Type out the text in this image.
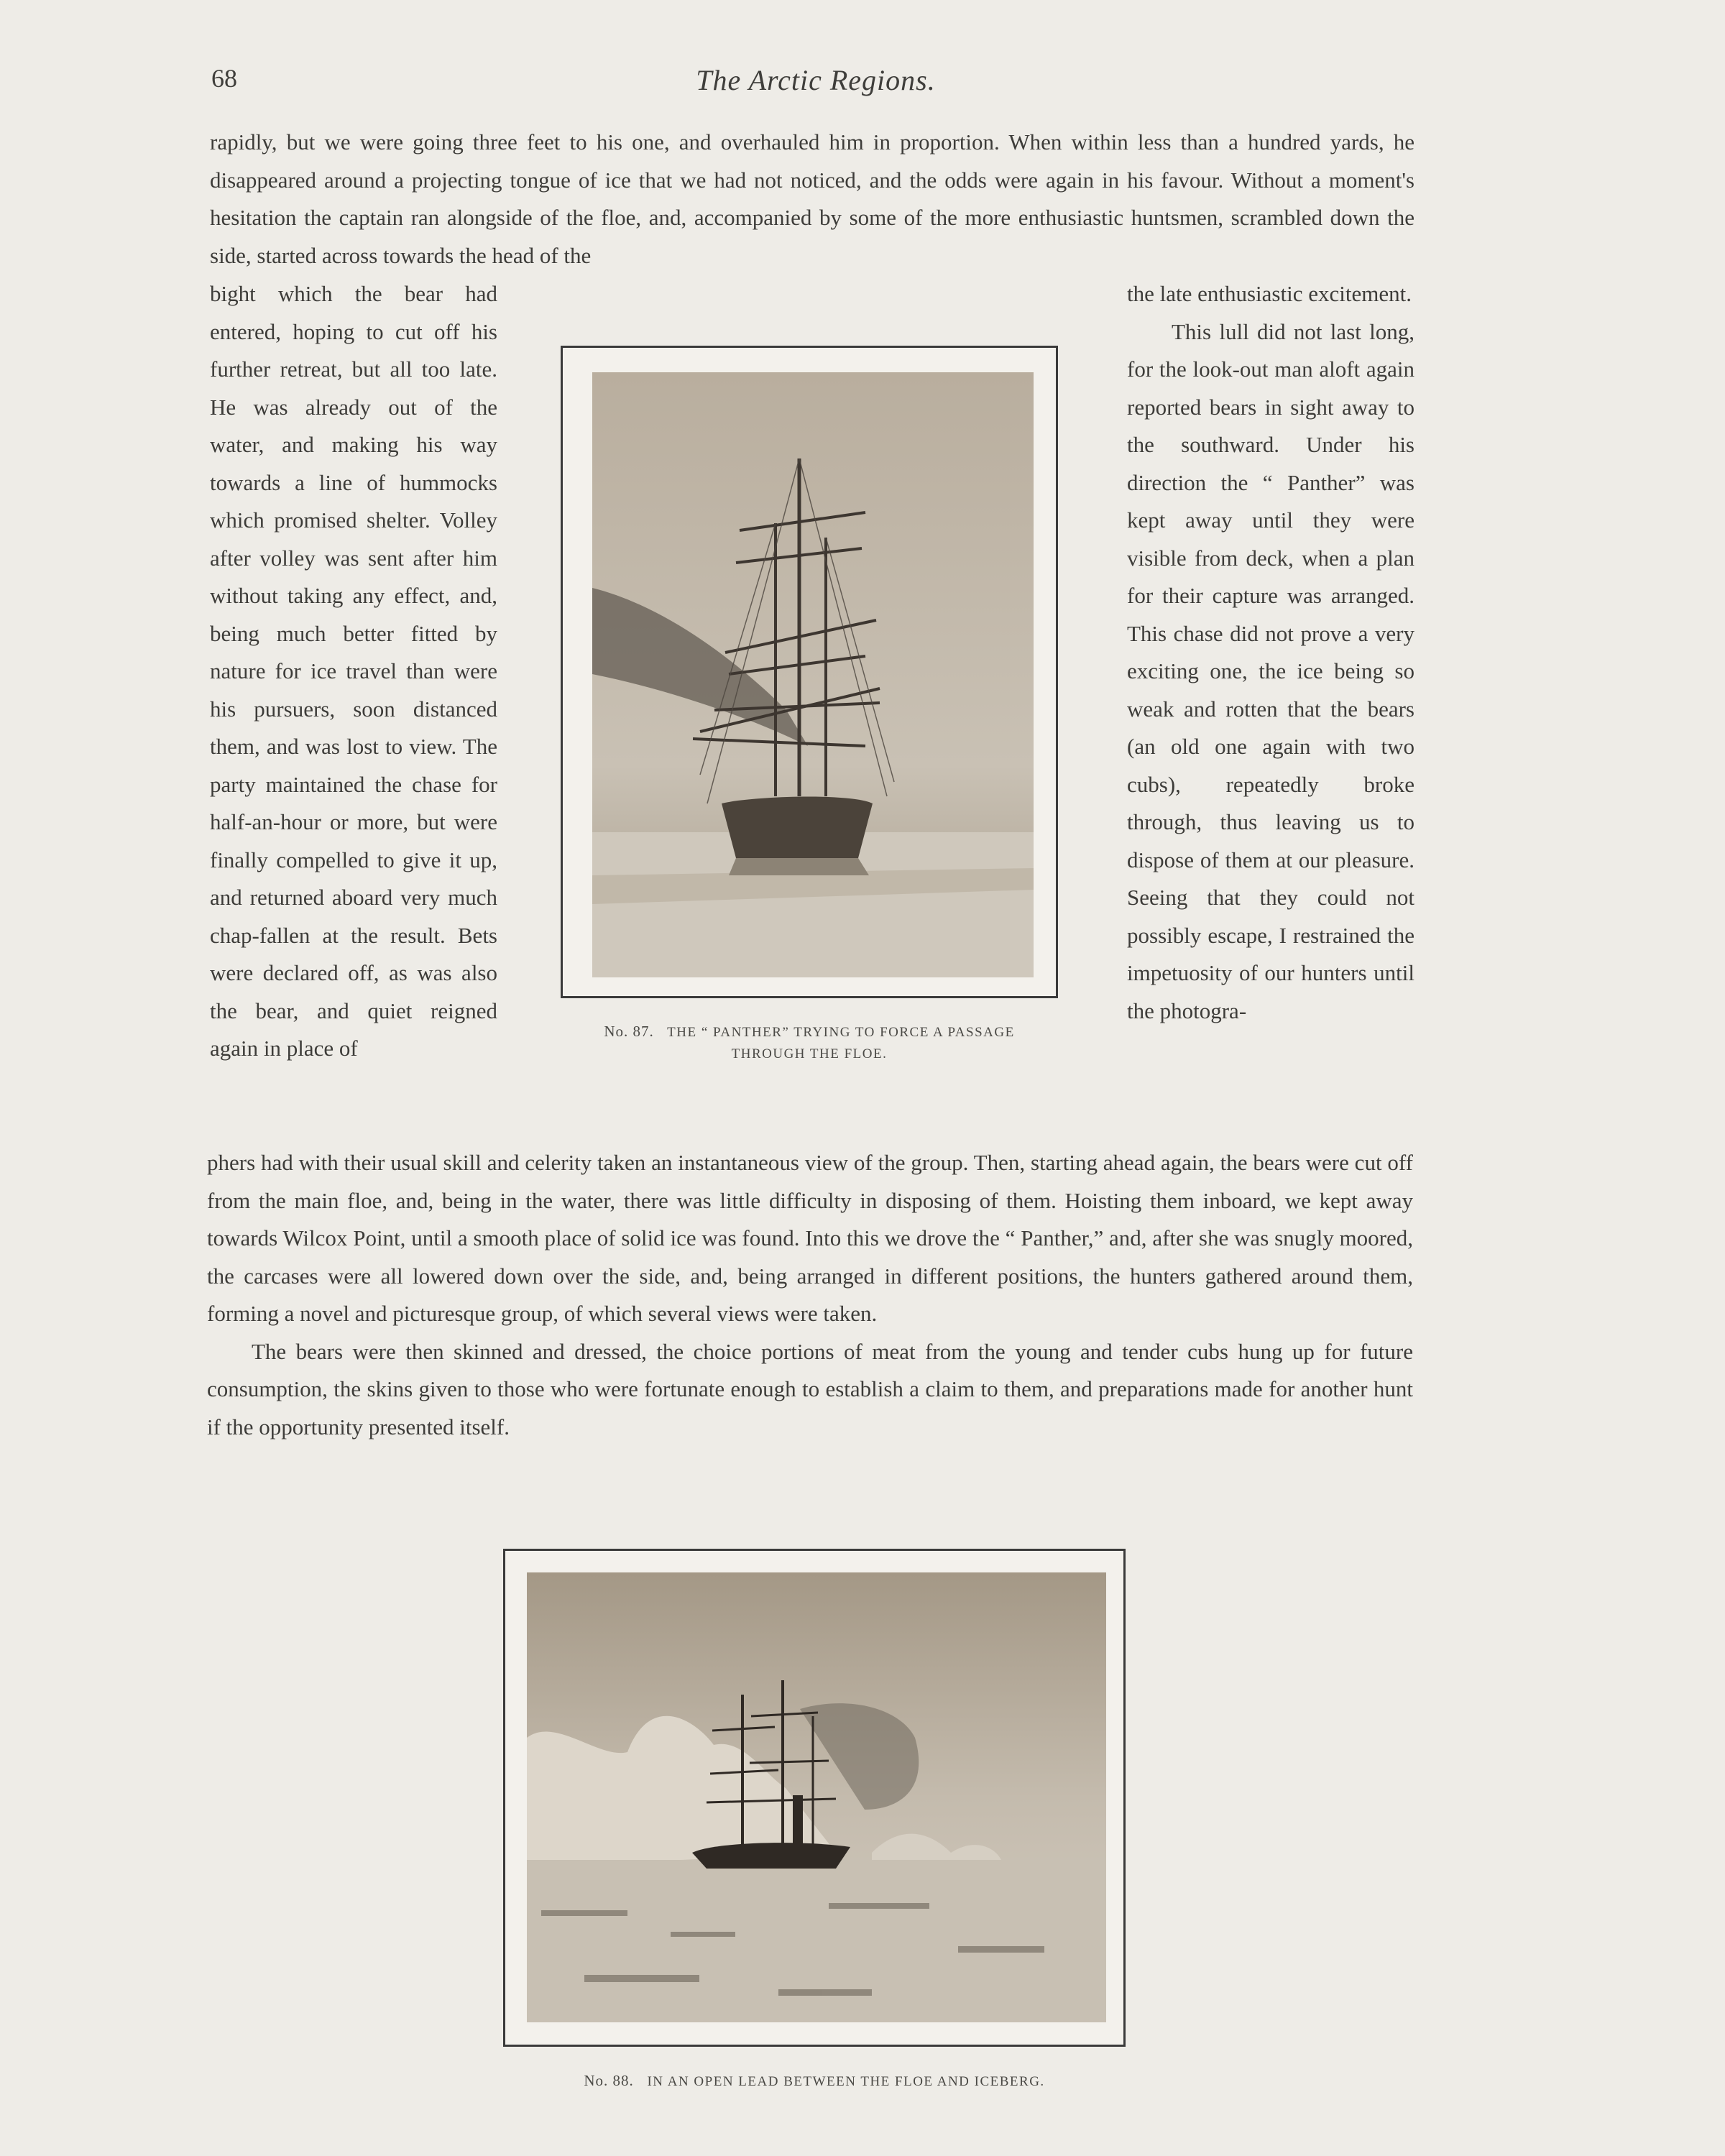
68	The Arctic Regions.

rapidly, but we were going three feet to his one, and overhauled him in proportion. When within less than a hundred yards, he disappeared around a projecting tongue of ice that we had not noticed, and the odds were again in his favour. Without a moment's hesitation the captain ran alongside of the floe, and, accompanied by some of the more enthusiastic huntsmen, scrambled down the side, started across towards the head of the

bight which the bear had entered, hoping to cut off his further retreat, but all too late. He was already out of the water, and making his way towards a line of hummocks which promised shelter. Volley after volley was sent after him without taking any effect, and, being much better fitted by nature for ice travel than were his pursuers, soon distanced them, and was lost to view. The party maintained the chase for half-an-hour or more, but were finally compelled to give it up, and returned aboard very much chap-fallen at the result. Bets were declared off, as was also the bear, and quiet reigned again in place of

the late enthusiastic excitement.

This lull did not last long, for the look-out man aloft again reported bears in sight away to the southward. Under his direction the “ Panther” was kept away until they were visible from deck, when a plan for their capture was arranged. This chase did not prove a very exciting one, the ice being so weak and rotten that the bears (an old one again with two cubs), repeatedly broke through, thus leaving us to dispose of them at our pleasure. Seeing that they could not possibly escape, I restrained the impetuosity of our hunters until the photogra-

No. 87. THE “ PANTHER” TRYING TO FORCE A PASSAGE
THROUGH THE FLOE.

phers had with their usual skill and celerity taken an instantaneous view of the group. Then, starting ahead again, the bears were cut off from the main floe, and, being in the water, there was little difficulty in disposing of them. Hoisting them inboard, we kept away towards Wilcox Point, until a smooth place of solid ice was found. Into this we drove the “ Panther,” and, after she was snugly moored, the carcases were all lowered down over the side, and, being arranged in different positions, the hunters gathered around them, forming a novel and picturesque group, of which several views were taken.
The bears were then skinned and dressed, the choice portions of meat from the young and tender cubs hung up for future consumption, the skins given to those who were fortunate enough to establish a claim to them, and preparations made for another hunt if the opportunity presented itself.

No. 88. IN AN OPEN LEAD BETWEEN THE FLOE AND ICEBERG.
